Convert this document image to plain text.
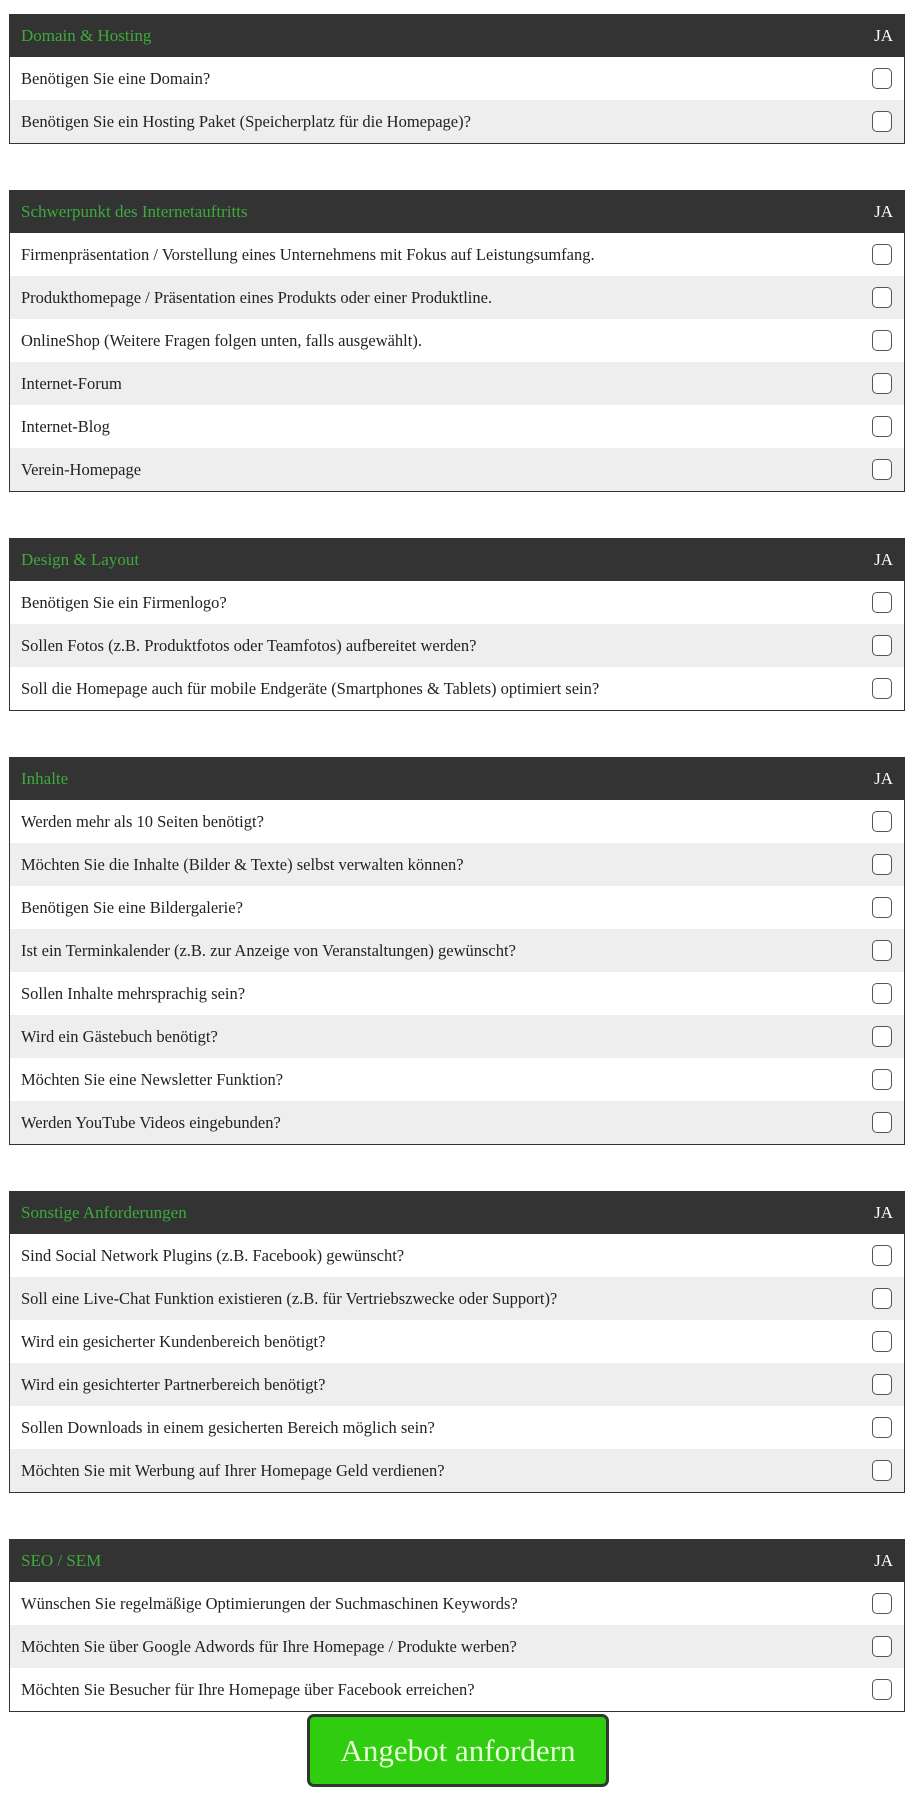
Domain & Hosting	JA
Benötigen Sie eine Domain?
Benötigen Sie ein Hosting Paket (Speicherplatz für die Homepage)?
Schwerpunkt des Internetauftritts	JA
Firmenpräsentation / Vorstellung eines Unternehmens mit Fokus auf Leistungsumfang.
Produkthomepage / Präsentation eines Produkts oder einer Produktline.
OnlineShop (Weitere Fragen folgen unten, falls ausgewählt).
Internet-Forum
Internet-Blog
Verein-Homepage
Design & Layout	JA
Benötigen Sie ein Firmenlogo?
Sollen Fotos (z.B. Produktfotos oder Teamfotos) aufbereitet werden?
Soll die Homepage auch für mobile Endgeräte (Smartphones & Tablets) optimiert sein?
Inhalte	JA
Werden mehr als 10 Seiten benötigt?
Möchten Sie die Inhalte (Bilder & Texte) selbst verwalten können?
Benötigen Sie eine Bildergalerie?
Ist ein Terminkalender (z.B. zur Anzeige von Veranstaltungen) gewünscht?
Sollen Inhalte mehrsprachig sein?
Wird ein Gästebuch benötigt?
Möchten Sie eine Newsletter Funktion?
Werden YouTube Videos eingebunden?
Sonstige Anforderungen	JA
Sind Social Network Plugins (z.B. Facebook) gewünscht?
Soll eine Live-Chat Funktion existieren (z.B. für Vertriebszwecke oder Support)?
Wird ein gesicherter Kundenbereich benötigt?
Wird ein gesichterter Partnerbereich benötigt?
Sollen Downloads in einem gesicherten Bereich möglich sein?
Möchten Sie mit Werbung auf Ihrer Homepage Geld verdienen?
SEO / SEM	JA
Wünschen Sie regelmäßige Optimierungen der Suchmaschinen Keywords?
Möchten Sie über Google Adwords für Ihre Homepage / Produkte werben?
Möchten Sie Besucher für Ihre Homepage über Facebook erreichen?
Angebot anfordern
